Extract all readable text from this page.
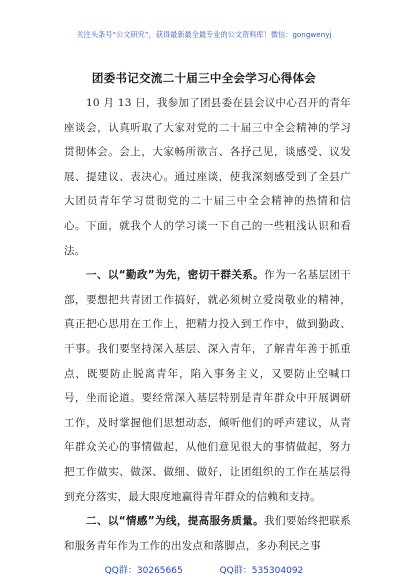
关注头条号“公文研究”，获得最新最全最专业的公文资料库！微信：gongwenyj
团委书记交流二十届三中全会学习心得体会

10 月 13 日，我参加了团县委在县会议中心召开的青年座谈会，认真听取了大家对党的二十届三中全会精神的学习贯彻体会。会上，大家畅所欲言、各抒己见，谈感受、议发展、提建议、表决心。通过座谈，使我深刻感受到了全县广大团员青年学习贯彻党的二十届三中全会精神的热情和信心。下面，就我个人的学习谈一下自己的一些粗浅认识和看法。

一、以“勤政”为先，密切干群关系。作为一名基层团干部，要想把共青团工作搞好，就必须树立爱岗敬业的精神，真正把心思用在工作上，把精力投入到工作中，做到勤政、干事。我们要坚持深入基层、深入青年，了解青年善于抓重点，既要防止脱离青年，陷入事务主义，又要防止空喊口号，坐而论道。要经常深入基层特别是青年群众中开展调研工作，及时掌握他们思想动态，倾听他们的呼声建议，从青年群众关心的事情做起，从他们意见很大的事情做起，努力把工作做实、做深、做细、做好，让团组织的工作在基层得到充分落实，最大限度地赢得青年群众的信赖和支持。

二、以“情感”为线，提高服务质量。我们要始终把联系和服务青年作为工作的出发点和落脚点，多办利民之事

QQ群：30265665	QQ群：535304092
